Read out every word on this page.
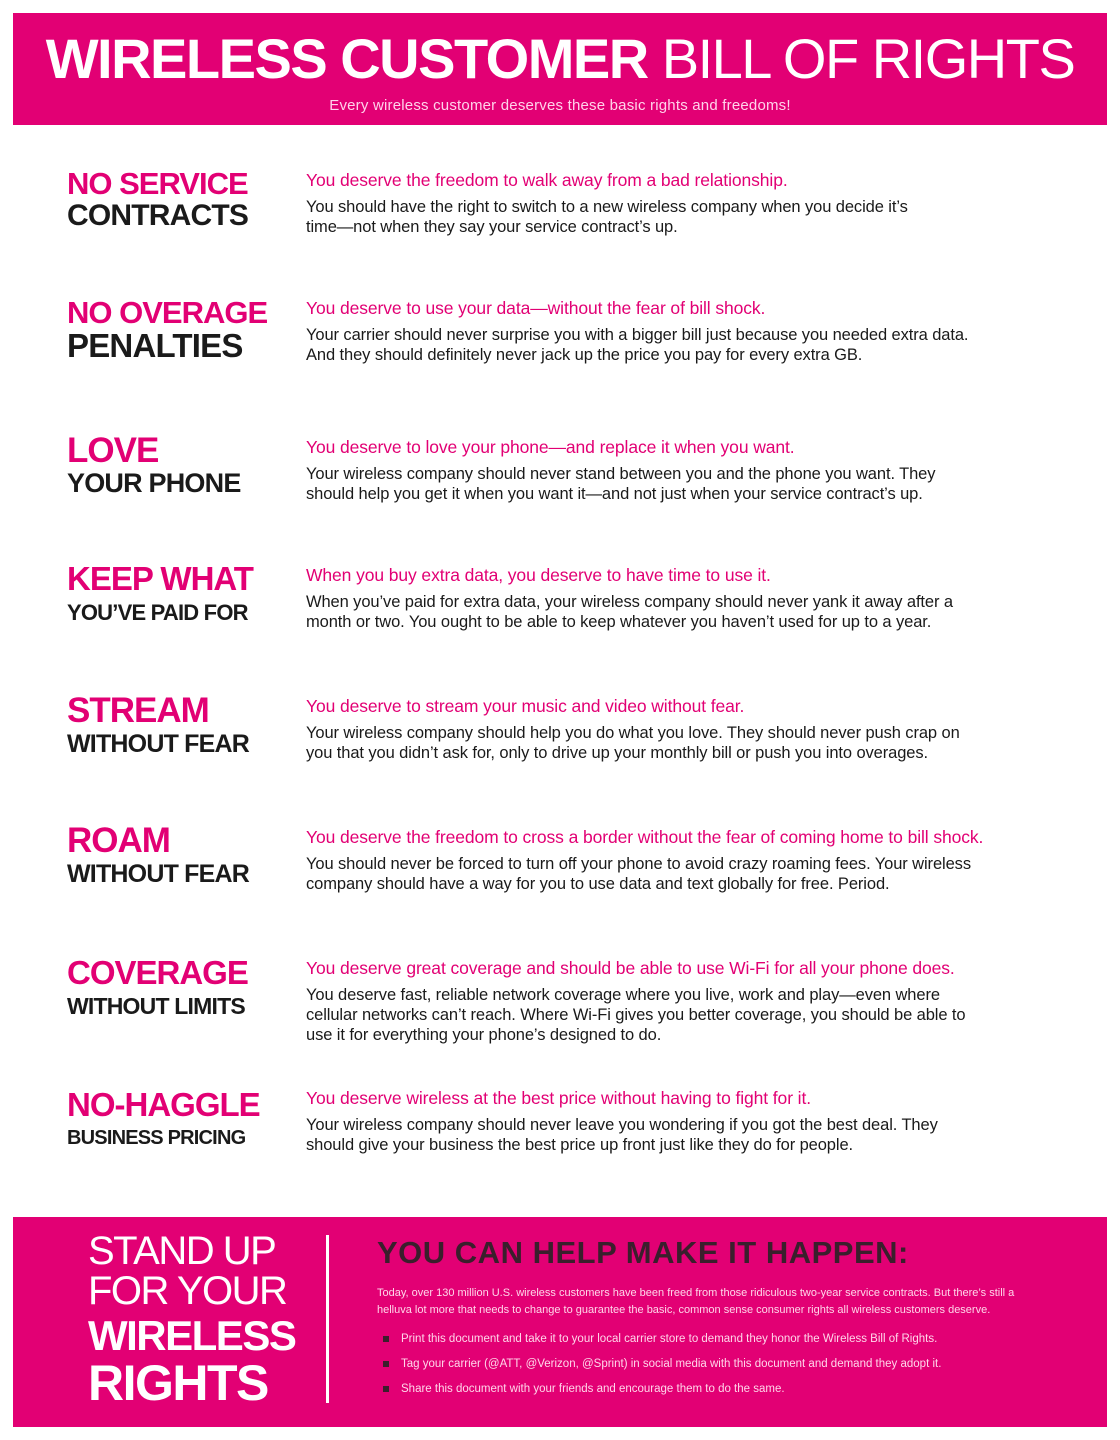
WIRELESS CUSTOMER BILL OF RIGHTS
Every wireless customer deserves these basic rights and freedoms!
NO SERVICE
CONTRACTS
You deserve the freedom to walk away from a bad relationship.
You should have the right to switch to a new wireless company when you decide it’s
time—not when they say your service contract’s up.
NO OVERAGE
PENALTIES
You deserve to use your data—without the fear of bill shock.
Your carrier should never surprise you with a bigger bill just because you needed extra data.
And they should definitely never jack up the price you pay for every extra GB.
LOVE
YOUR PHONE
You deserve to love your phone—and replace it when you want.
Your wireless company should never stand between you and the phone you want. They
should help you get it when you want it—and not just when your service contract’s up.
KEEP WHAT
YOU’VE PAID FOR
When you buy extra data, you deserve to have time to use it.
When you’ve paid for extra data, your wireless company should never yank it away after a
month or two. You ought to be able to keep whatever you haven’t used for up to a year.
STREAM
WITHOUT FEAR
You deserve to stream your music and video without fear.
Your wireless company should help you do what you love. They should never push crap on
you that you didn’t ask for, only to drive up your monthly bill or push you into overages.
ROAM
WITHOUT FEAR
You deserve the freedom to cross a border without the fear of coming home to bill shock.
You should never be forced to turn off your phone to avoid crazy roaming fees. Your wireless
company should have a way for you to use data and text globally for free. Period.
COVERAGE
WITHOUT LIMITS
You deserve great coverage and should be able to use Wi-Fi for all your phone does.
You deserve fast, reliable network coverage where you live, work and play—even where
cellular networks can’t reach. Where Wi-Fi gives you better coverage, you should be able to
use it for everything your phone’s designed to do.
NO-HAGGLE
BUSINESS PRICING
You deserve wireless at the best price without having to fight for it.
Your wireless company should never leave you wondering if you got the best deal. They
should give your business the best price up front just like they do for people.
STAND UP
FOR YOUR
WIRELESS
RIGHTS
YOU CAN HELP MAKE IT HAPPEN:
Today, over 130 million U.S. wireless customers have been freed from those ridiculous two-year service contracts. But there’s still a
helluva lot more that needs to change to guarantee the basic, common sense consumer rights all wireless customers deserve.
Print this document and take it to your local carrier store to demand they honor the Wireless Bill of Rights.
Tag your carrier (@ATT, @Verizon, @Sprint) in social media with this document and demand they adopt it.
Share this document with your friends and encourage them to do the same.
